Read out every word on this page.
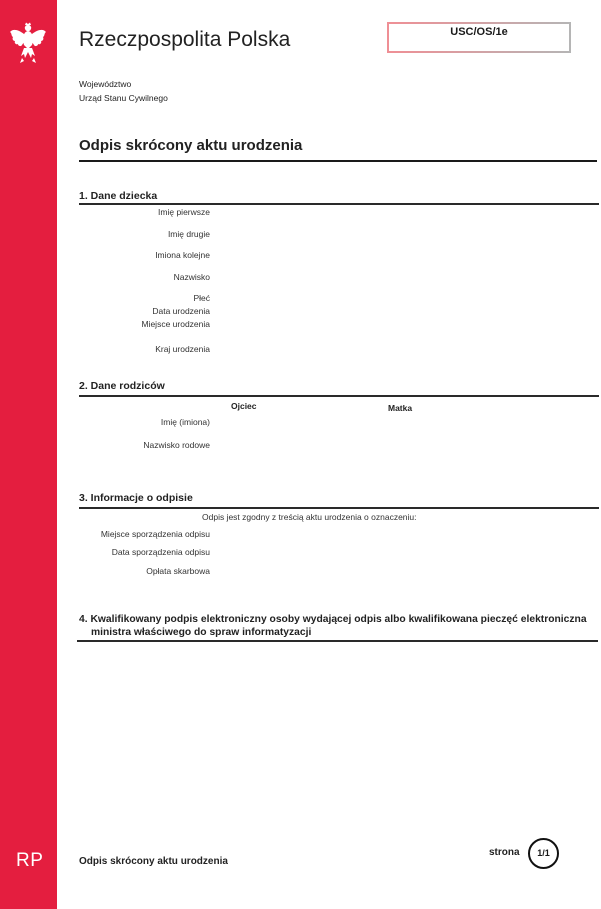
RP
Rzeczpospolita Polska	USC/OS/1e
Województwo
Urząd Stanu Cywilnego
Odpis skrócony aktu urodzenia
1. Dane dziecka
Imię pierwsze
Imię drugie
Imiona kolejne
Nazwisko
Płeć
Data urodzenia
Miejsce urodzenia
Kraj urodzenia
2. Dane rodziców
Ojciec	Matka
Imię (imiona)
Nazwisko rodowe
3. Informacje o odpisie
Odpis jest zgodny z treścią aktu urodzenia o oznaczeniu:
Miejsce sporządzenia odpisu
Data sporządzenia odpisu
Opłata skarbowa
4. Kwalifikowany podpis elektroniczny osoby wydającej odpis albo kwalifikowana pieczęć elektroniczna
ministra właściwego do spraw informatyzacji
Odpis skrócony aktu urodzenia
strona	1/1
